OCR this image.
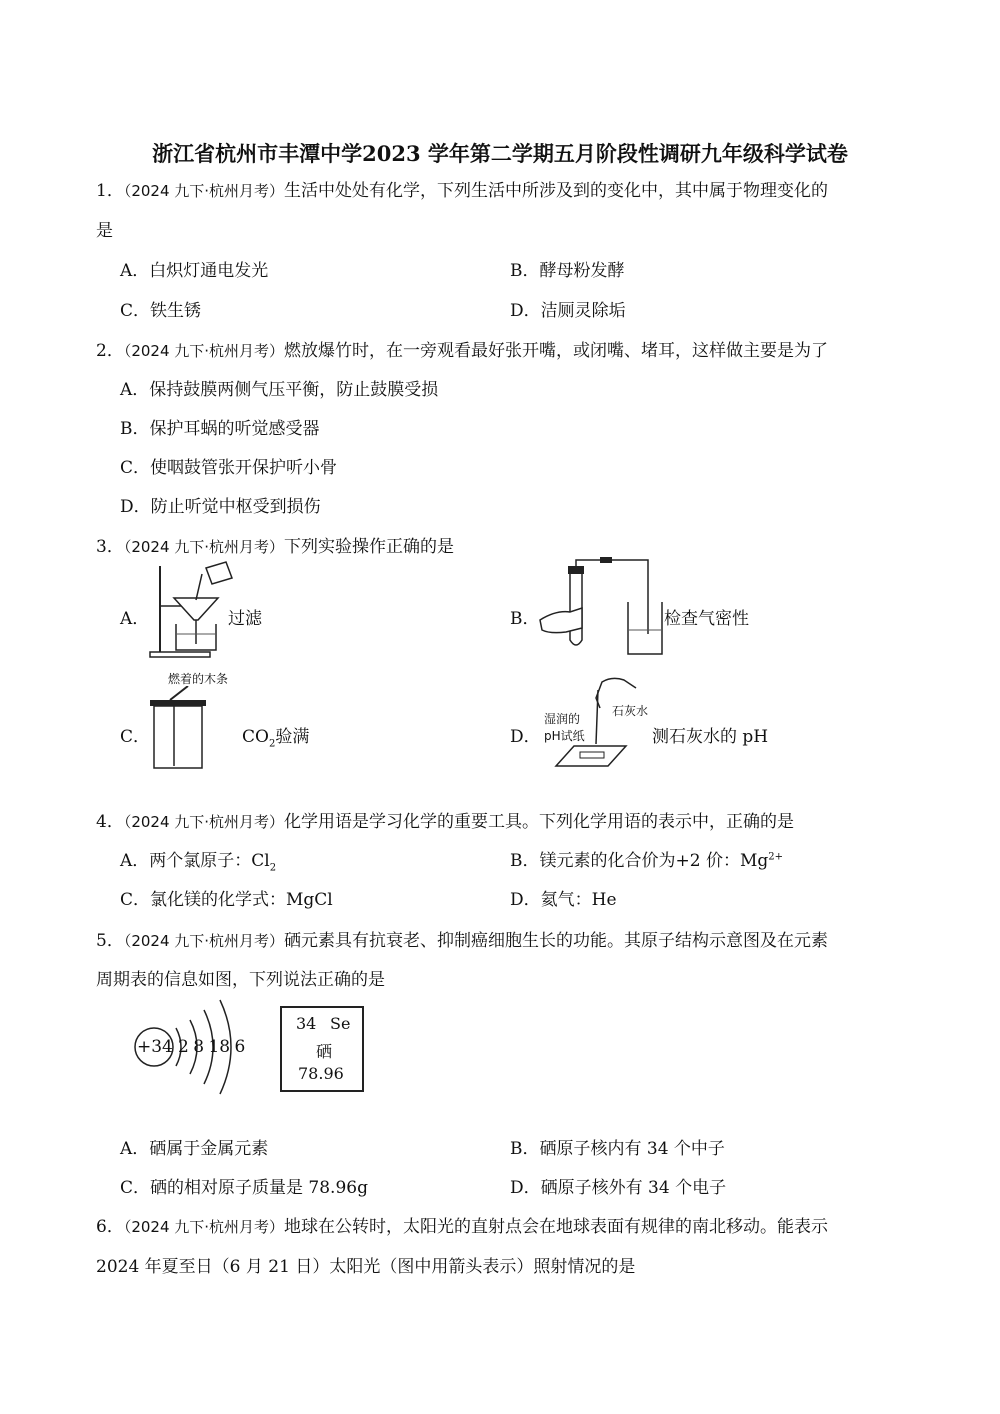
浙江省杭州市丰潭中学2023 学年第二学期五月阶段性调研九年级科学试卷
1．（2024 九下·杭州月考）生活中处处有化学，下列生活中所涉及到的变化中，其中属于物理变化的
是
A．白炽灯通电发光	B．酵母粉发酵
C．铁生锈	D．洁厕灵除垢
2．（2024 九下·杭州月考）燃放爆竹时，在一旁观看最好张开嘴，或闭嘴、堵耳，这样做主要是为了
A．保持鼓膜两侧气压平衡，防止鼓膜受损
B．保护耳蜗的听觉感受器
C．使咽鼓管张开保护听小骨
D．防止听觉中枢受到损伤
3．（2024 九下·杭州月考）下列实验操作正确的是
A．	过滤	B．	检查气密性
C．
燃着的木条
$CO_2$验满	D．
湿润的
pH试纸
石灰水
测石灰水的 pH
4．（2024 九下·杭州月考）化学用语是学习化学的重要工具。下列化学用语的表示中，正确的是
A．两个氯原子：$Cl_2$	B．镁元素的化合价为+2 价：$Mg^{2+}$
C．氯化镁的化学式：MgCl	D．氦气：He
5．（2024 九下·杭州月考）硒元素具有抗衰老、抑制癌细胞生长的功能。其原子结构示意图及在元素
周期表的信息如图，下列说法正确的是
+34 2 8 18 6
34 Se
硒
78.96
A．硒属于金属元素	B．硒原子核内有 34 个中子
C．硒的相对原子质量是 78.96g	D．硒原子核外有 34 个电子
6．（2024 九下·杭州月考）地球在公转时，太阳光的直射点会在地球表面有规律的南北移动。能表示
2024 年夏至日（6 月 21 日）太阳光（图中用箭头表示）照射情况的是
